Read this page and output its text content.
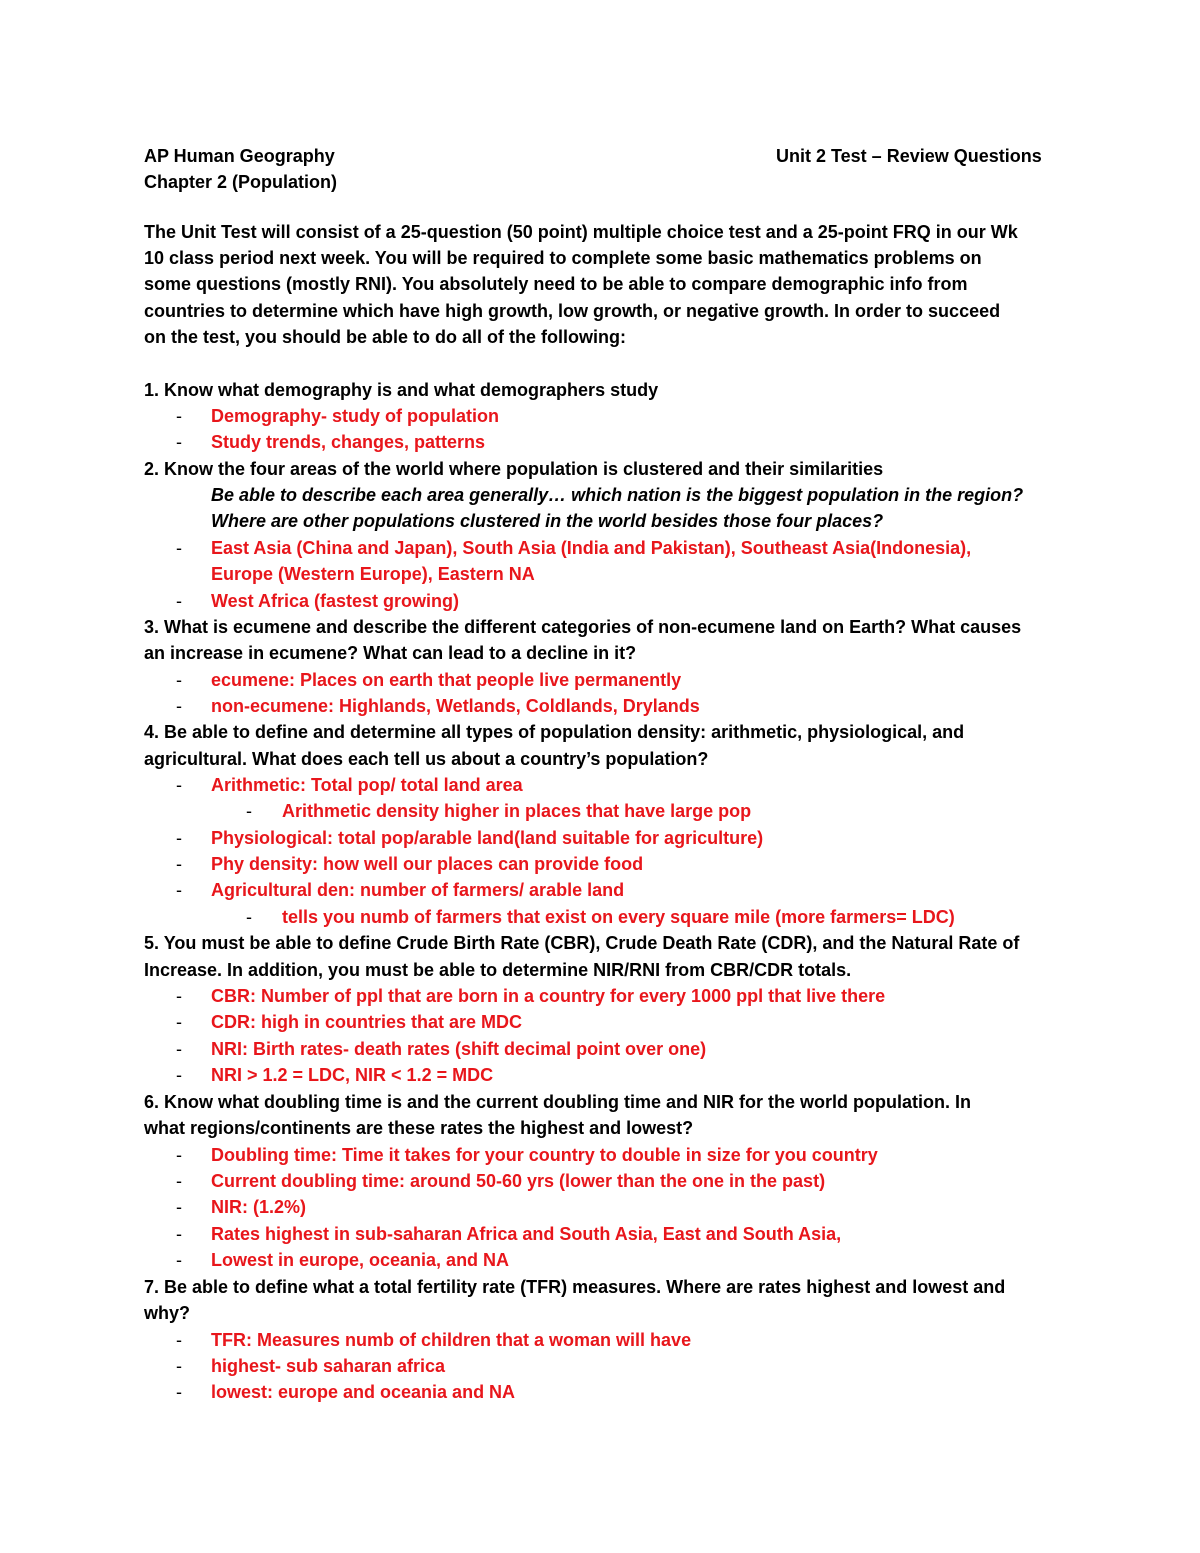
AP Human Geography	Unit 2 Test – Review Questions
Chapter 2 (Population)
The Unit Test will consist of a 25-question (50 point) multiple choice test and a 25-point FRQ in our Wk
10 class period next week. You will be required to complete some basic mathematics problems on
some questions (mostly RNI). You absolutely need to be able to compare demographic info from
countries to determine which have high growth, low growth, or negative growth. In order to succeed
on the test, you should be able to do all of the following:
1. Know what demography is and what demographers study
-	Demography- study of population
-	Study trends, changes, patterns
2. Know the four areas of the world where population is clustered and their similarities
Be able to describe each area generally… which nation is the biggest population in the region?
Where are other populations clustered in the world besides those four places?
-	East Asia (China and Japan), South Asia (India and Pakistan), Southeast Asia(Indonesia),
Europe (Western Europe), Eastern NA
-	West Africa (fastest growing)
3. What is ecumene and describe the different categories of non-ecumene land on Earth? What causes
an increase in ecumene? What can lead to a decline in it?
-	ecumene: Places on earth that people live permanently
-	non-ecumene: Highlands, Wetlands, Coldlands, Drylands
4. Be able to define and determine all types of population density: arithmetic, physiological, and
agricultural. What does each tell us about a country’s population?
-	Arithmetic: Total pop/ total land area
-	Arithmetic density higher in places that have large pop
-	Physiological: total pop/arable land(land suitable for agriculture)
-	Phy density: how well our places can provide food
-	Agricultural den: number of farmers/ arable land
-	tells you numb of farmers that exist on every square mile (more farmers= LDC)
5. You must be able to define Crude Birth Rate (CBR), Crude Death Rate (CDR), and the Natural Rate of
Increase. In addition, you must be able to determine NIR/RNI from CBR/CDR totals.
-	CBR: Number of ppl that are born in a country for every 1000 ppl that live there
-	CDR: high in countries that are MDC
-	NRI: Birth rates- death rates (shift decimal point over one)
-	NRI > 1.2 = LDC, NIR < 1.2 = MDC
6. Know what doubling time is and the current doubling time and NIR for the world population. In
what regions/continents are these rates the highest and lowest?
-	Doubling time: Time it takes for your country to double in size for you country
-	Current doubling time: around 50-60 yrs (lower than the one in the past)
-	NIR: (1.2%)
-	Rates highest in sub-saharan Africa and South Asia, East and South Asia,
-	Lowest in europe, oceania, and NA
7. Be able to define what a total fertility rate (TFR) measures. Where are rates highest and lowest and
why?
-	TFR: Measures numb of children that a woman will have
-	highest- sub saharan africa
-	lowest: europe and oceania and NA
